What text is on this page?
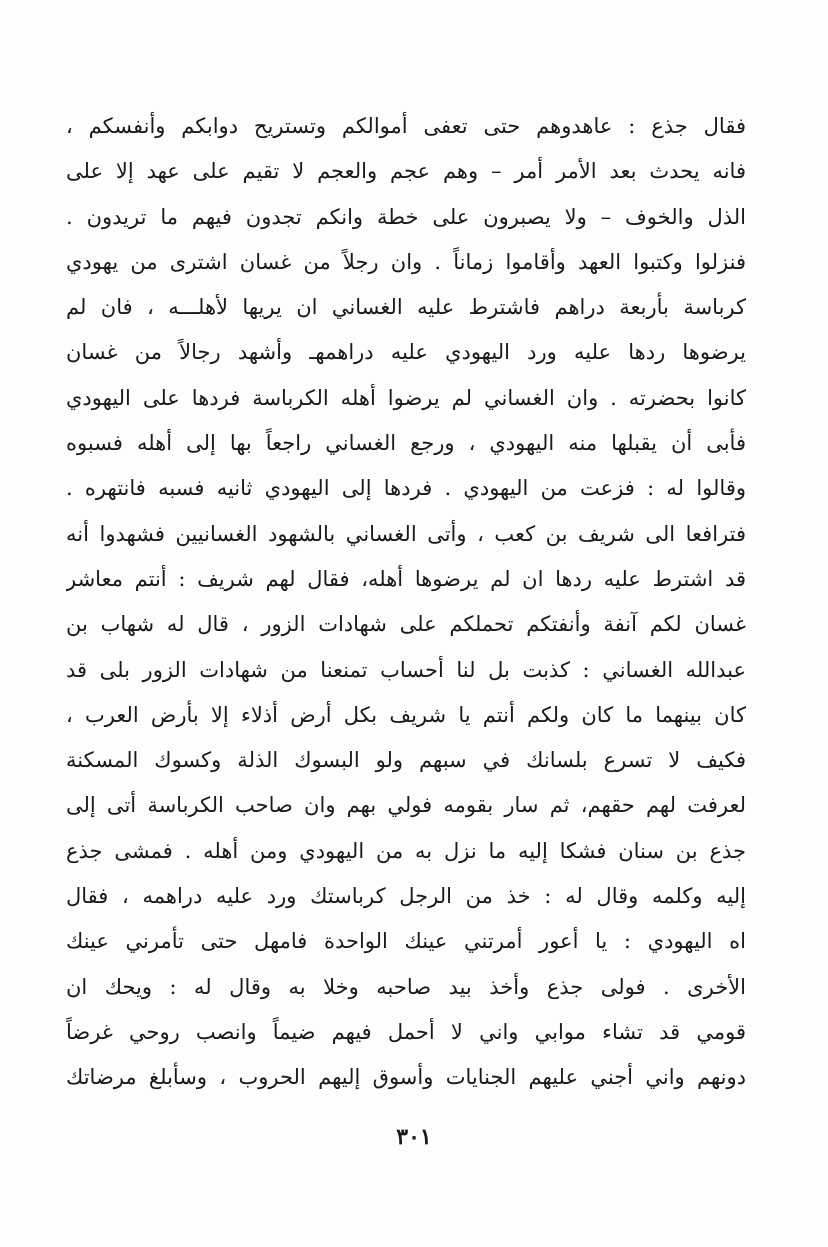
فقال جذع : عاهدوهم حتى تعفى أموالكم وتستريح دوابكم وأنفسكم ،
فانه يحدث بعد الأمر أمر – وهم عجم والعجم لا تقيم على عهد إلا على
الذل والخوف – ولا يصبرون على خطة وانكم تجدون فيهم ما تريدون .
فنزلوا وكتبوا العهد وأقاموا زماناً . وان رجلاً من غسان اشترى من يهودي
كرباسة بأربعة دراهم فاشترط عليه الغساني ان يريها لأهلـــه ، فان لم
يرضوها ردها عليه ورد اليهودي عليه دراهمهـ وأشهد رجالاً من غسان
كانوا بحضرته . وان الغساني لم يرضوا أهله الكرباسة فردها على اليهودي
فأبى أن يقبلها منه اليهودي ، ورجع الغساني راجعاً بها إلى أهله فسبوه
وقالوا له : فزعت من اليهودي . فردها إلى اليهودي ثانيه فسبه فانتهره .
فترافعا الى شريف بن كعب ، وأتى الغساني بالشهود الغسانيين فشهدوا أنه
قد اشترط عليه ردها ان لم يرضوها أهله، فقال لهم شريف : أنتم معاشر
غسان لكم آنفة وأنفتكم تحملكم على شهادات الزور ، قال له شهاب بن
عبدالله الغساني : كذبت بل لنا أحساب تمنعنا من شهادات الزور بلى قد
كان بينهما ما كان ولكم أنتم يا شريف بكل أرض أذلاء إلا بأرض العرب ،
فكيف لا تسرع بلسانك في سبهم ولو البسوك الذلة وكسوك المسكنة
لعرفت لهم حقهم، ثم سار بقومه فولي بهم وان صاحب الكرباسة أتى إلى
جذع بن سنان فشكا إليه ما نزل به من اليهودي ومن أهله . فمشى جذع
إليه وكلمه وقال له : خذ من الرجل كرباستك ورد عليه دراهمه ، فقال
اه اليهودي : يا أعور أمرتني عينك الواحدة فامهل حتى تأمرني عينك
الأخرى . فولى جذع وأخذ بيد صاحبه وخلا به وقال له : ويحك ان
قومي قد تشاء موابي واني لا أحمل فيهم ضيماً وانصب روحي غرضاً
دونهم واني أجني عليهم الجنايات وأسوق إليهم الحروب ، وسأبلغ مرضاتك
٣٠١
